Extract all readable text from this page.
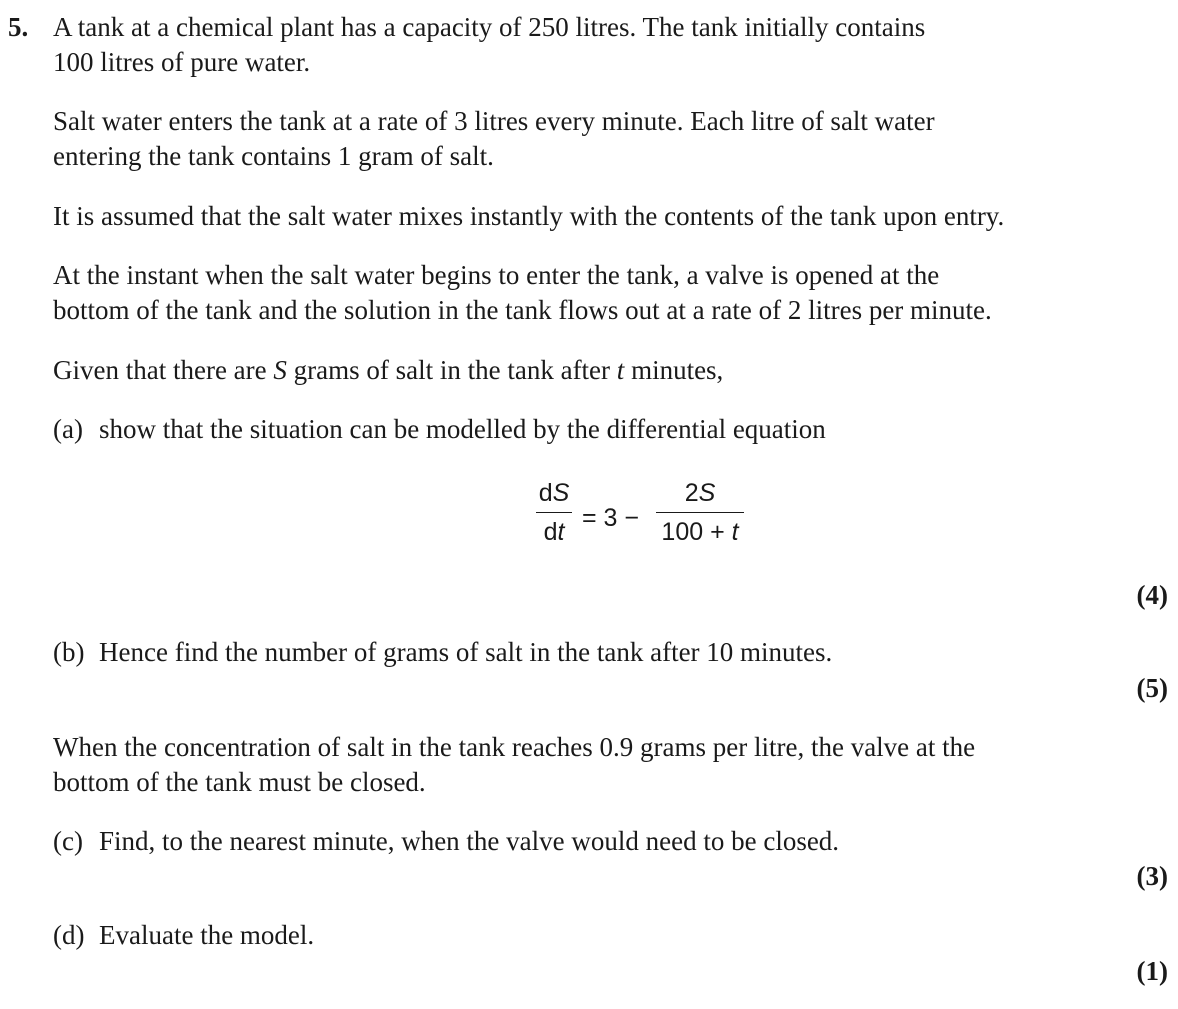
5. A tank at a chemical plant has a capacity of 250 litres. The tank initially contains
100 litres of pure water.
Salt water enters the tank at a rate of 3 litres every minute. Each litre of salt water
entering the tank contains 1 gram of salt.
It is assumed that the salt water mixes instantly with the contents of the tank upon entry.
At the instant when the salt water begins to enter the tank, a valve is opened at the
bottom of the tank and the solution in the tank flows out at a rate of 2 litres per minute.
Given that there are S grams of salt in the tank after t minutes,
(a) show that the situation can be modelled by the differential equation
dS
dt = 3 −
2S
100 + t
(4)
(b) Hence find the number of grams of salt in the tank after 10 minutes.
(5)
When the concentration of salt in the tank reaches 0.9 grams per litre, the valve at the
bottom of the tank must be closed.
(c) Find, to the nearest minute, when the valve would need to be closed.
(3)
(d) Evaluate the model.
(1)
